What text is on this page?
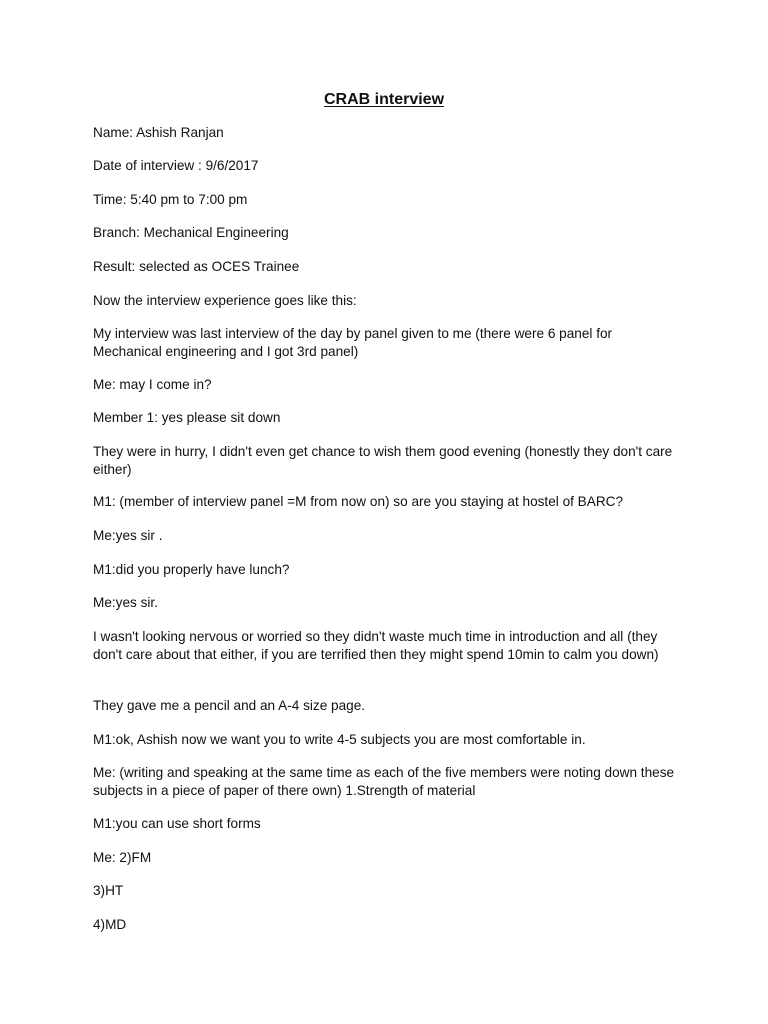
CRAB interview

Name: Ashish Ranjan

Date of interview : 9/6/2017

Time: 5:40 pm to 7:00 pm

Branch: Mechanical Engineering

Result: selected as OCES Trainee

Now the interview experience goes like this:

My interview was last interview of the day by panel given to me (there were 6 panel for Mechanical engineering and I got 3rd panel)

Me: may I come in?

Member 1: yes please sit down

They were in hurry, I didn't even get chance to wish them good evening (honestly they don't care either)

M1: (member of interview panel =M from now on) so are you staying at hostel of BARC?

Me:yes sir .

M1:did you properly have lunch?

Me:yes sir.

I wasn't looking nervous or worried so they didn't waste much time in introduction and all (they don't care about that either, if you are terrified then they might spend 10min to calm you down)

They gave me a pencil and an A-4 size page.

M1:ok, Ashish now we want you to write 4-5 subjects you are most comfortable in.

Me: (writing and speaking at the same time as each of the five members were noting down these subjects in a piece of paper of there own) 1.Strength of material

M1:you can use short forms

Me: 2)FM

3)HT

4)MD
